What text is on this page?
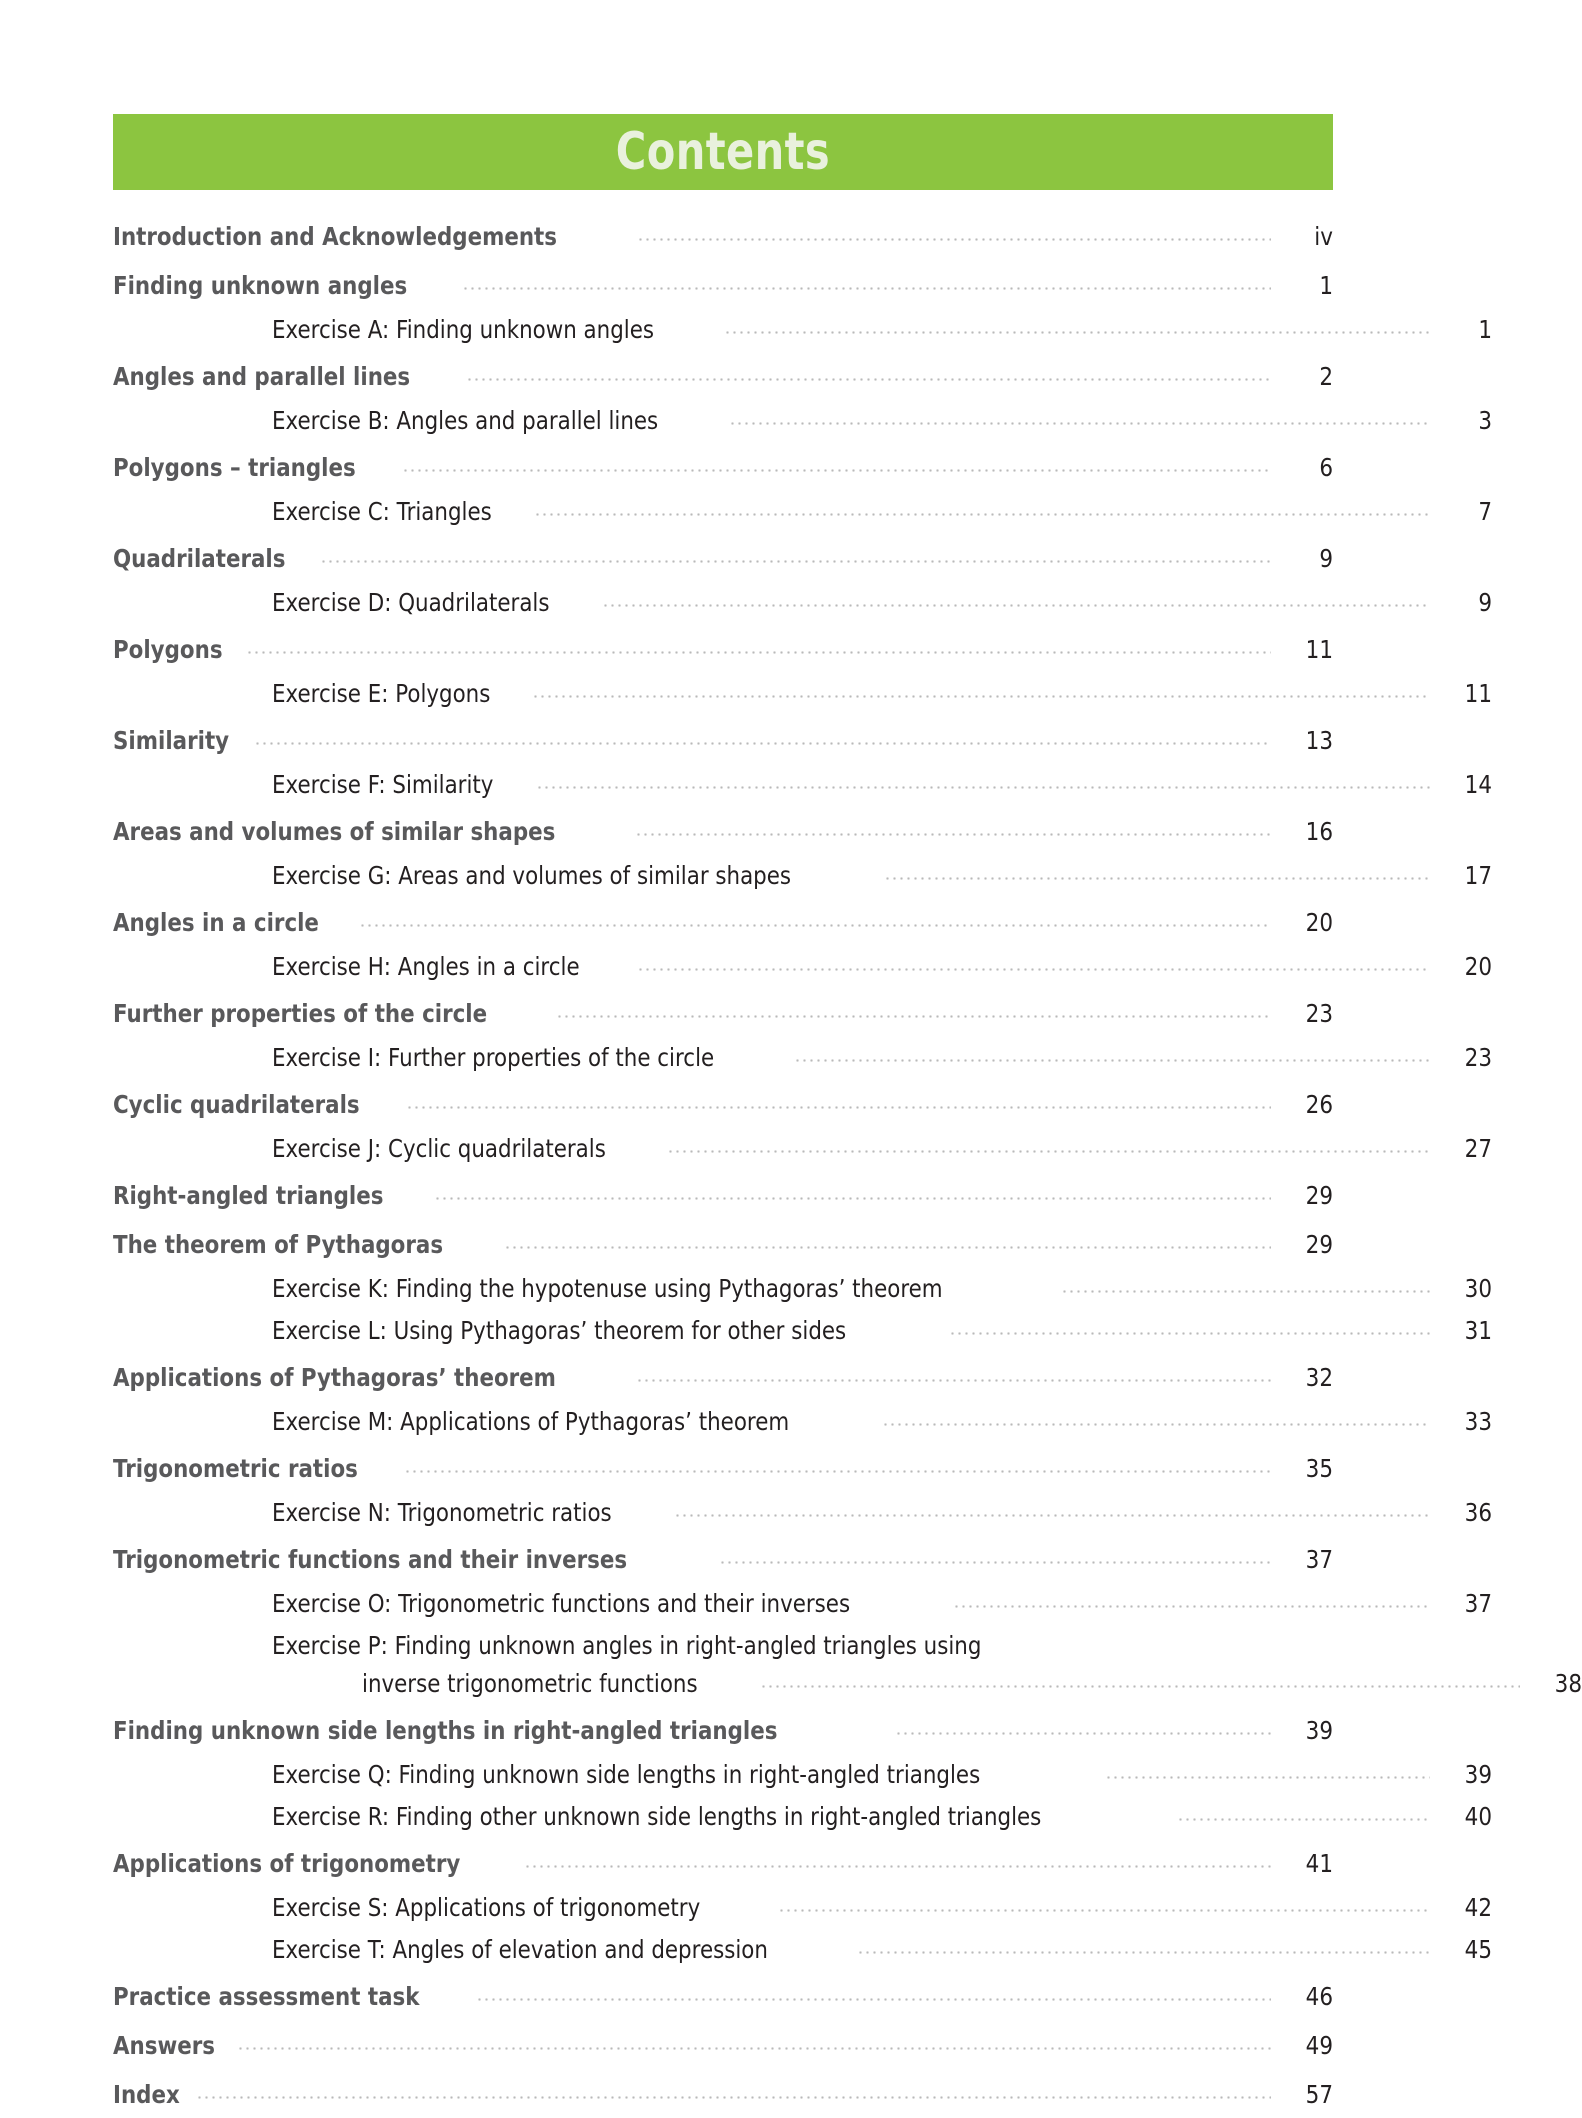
Contents
Introduction and Acknowledgements	iv
Finding unknown angles	1
Exercise A: Finding unknown angles	1
Angles and parallel lines	2
Exercise B: Angles and parallel lines	3
Polygons – triangles	6
Exercise C: Triangles	7
Quadrilaterals	9
Exercise D: Quadrilaterals	9
Polygons	11
Exercise E: Polygons	11
Similarity	13
Exercise F: Similarity	14
Areas and volumes of similar shapes	16
Exercise G: Areas and volumes of similar shapes	17
Angles in a circle	20
Exercise H: Angles in a circle	20
Further properties of the circle	23
Exercise I: Further properties of the circle	23
Cyclic quadrilaterals	26
Exercise J: Cyclic quadrilaterals	27
Right-angled triangles	29
The theorem of Pythagoras	29
Exercise K: Finding the hypotenuse using Pythagoras’ theorem	30
Exercise L: Using Pythagoras’ theorem for other sides	31
Applications of Pythagoras’ theorem	32
Exercise M: Applications of Pythagoras’ theorem	33
Trigonometric ratios	35
Exercise N: Trigonometric ratios	36
Trigonometric functions and their inverses	37
Exercise O: Trigonometric functions and their inverses	37
Exercise P: Finding unknown angles in right-angled triangles using
inverse trigonometric functions	38
Finding unknown side lengths in right-angled triangles	39
Exercise Q: Finding unknown side lengths in right-angled triangles	39
Exercise R: Finding other unknown side lengths in right-angled triangles	40
Applications of trigonometry	41
Exercise S: Applications of trigonometry	42
Exercise T: Angles of elevation and depression	45
Practice assessment task	46
Answers	49
Index	57
